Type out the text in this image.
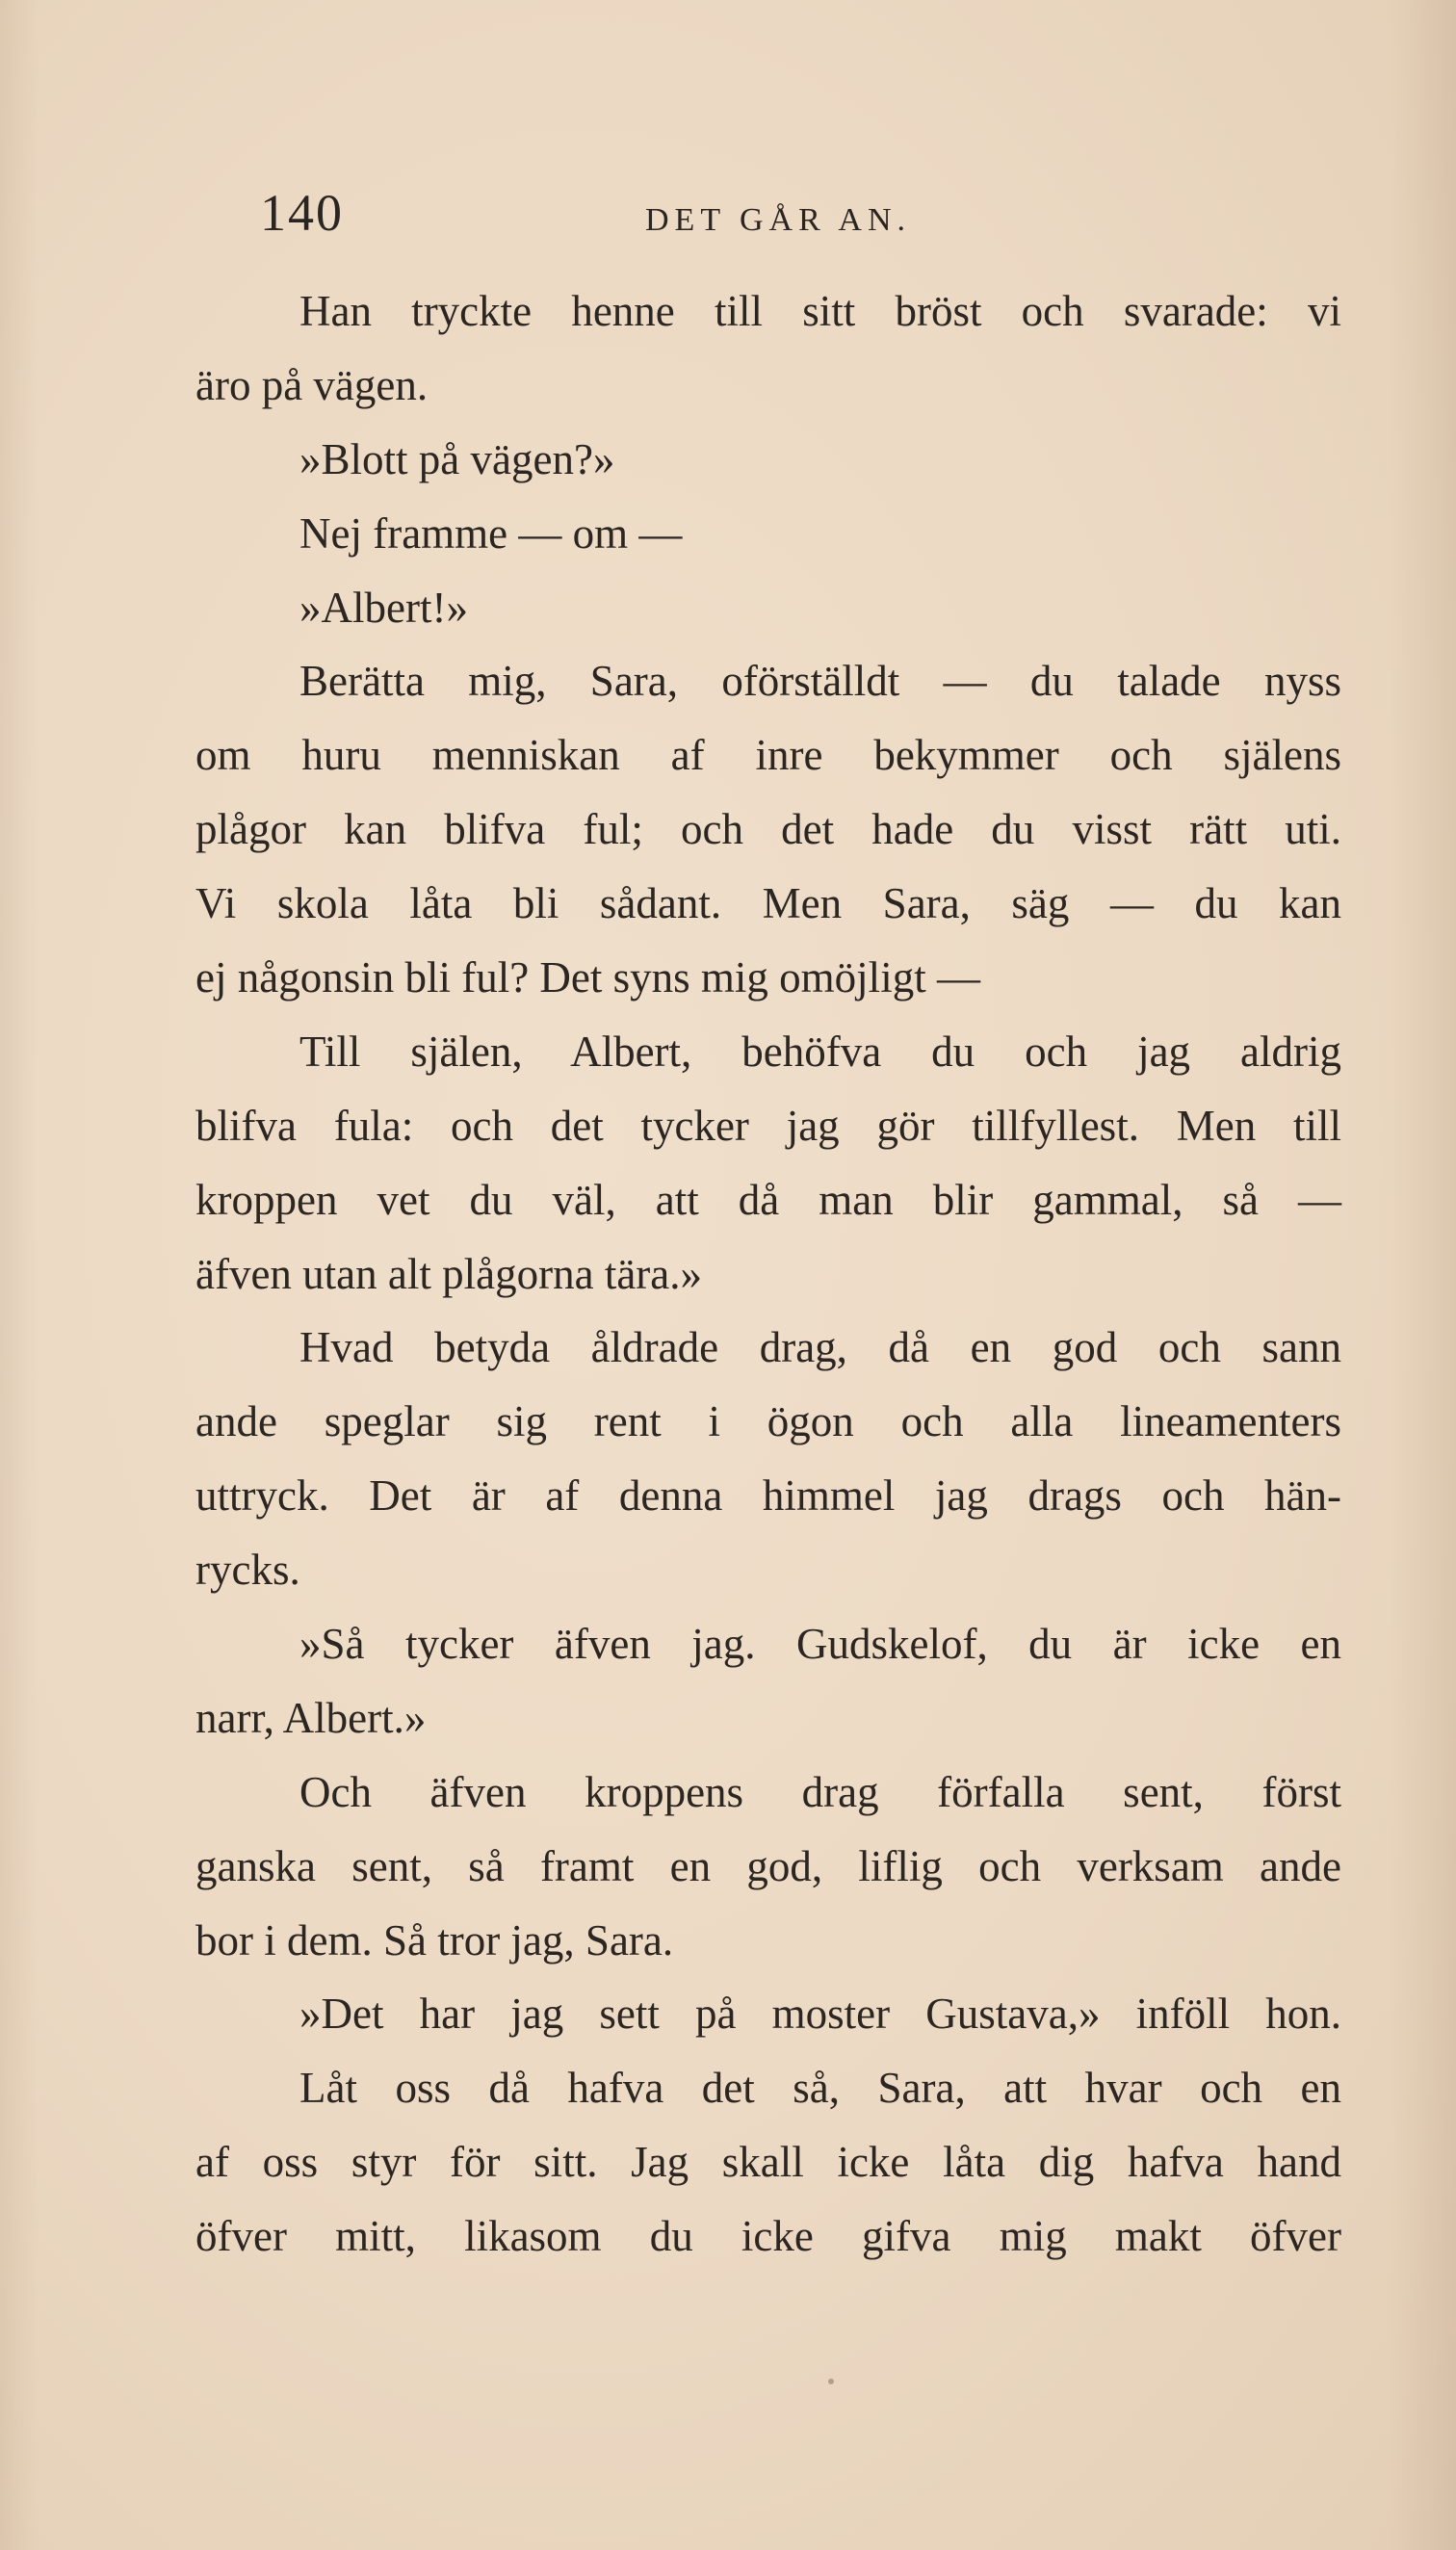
140	DET GÅR AN.
Han tryckte henne till sitt bröst och svarade: vi
äro på vägen.
»Blott på vägen?»
Nej framme — om —
»Albert!»
Berätta mig, Sara, oförställdt — du talade nyss
om huru menniskan af inre bekymmer och själens
plågor kan blifva ful; och det hade du visst rätt uti.
Vi skola låta bli sådant. Men Sara, säg — du kan
ej någonsin bli ful? Det syns mig omöjligt —
Till själen, Albert, behöfva du och jag aldrig
blifva fula: och det tycker jag gör tillfyllest. Men till
kroppen vet du väl, att då man blir gammal, så —
äfven utan alt plågorna tära.»
Hvad betyda åldrade drag, då en god och sann
ande speglar sig rent i ögon och alla lineamenters
uttryck. Det är af denna himmel jag drags och hän-
rycks.
»Så tycker äfven jag. Gudskelof, du är icke en
narr, Albert.»
Och äfven kroppens drag förfalla sent, först
ganska sent, så framt en god, liflig och verksam ande
bor i dem. Så tror jag, Sara.
»Det har jag sett på moster Gustava,» inföll hon.
Låt oss då hafva det så, Sara, att hvar och en
af oss styr för sitt. Jag skall icke låta dig hafva hand
öfver mitt, likasom du icke gifva mig makt öfver
